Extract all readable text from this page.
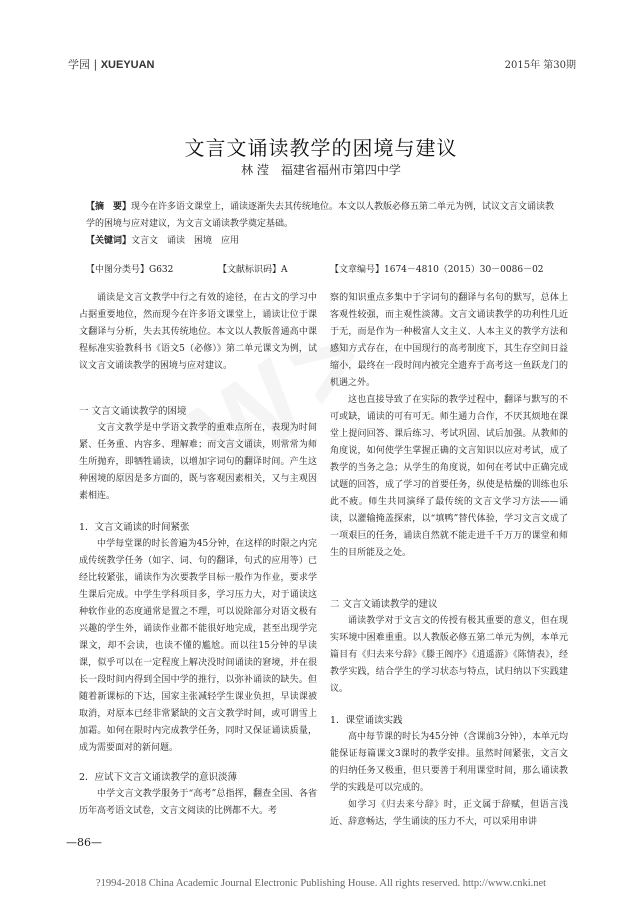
学园 | XUEYUAN	2015年 第30期
文言文诵读教学的困境与建议
林 滢 福建省福州市第四中学
【摘　要】现今在许多语文课堂上，诵读逐渐失去其传统地位。本文以人教版必修五第二单元为例，试议文言文诵读教学的困境与应对建议，为文言文诵读教学奠定基础。
【关键词】文言文　诵读　困境　应用
【中图分类号】G632	【文献标识码】A	【文章编号】1674－4810（2015）30－0086－02

诵读是文言文教学中行之有效的途径，在古文的学习中占据重要地位，然而现今在许多语文课堂上，诵读让位于课文翻译与分析，失去其传统地位。本文以人教版普通高中课程标准实验教科书《语文5（必修）》第二单元课文为例，试议文言文诵读教学的困境与应对建议。

一 文言文诵读教学的困境

文言文教学是中学语文教学的重难点所在，表现为时间紧、任务重、内容多、理解难；而文言文诵读，则常常为师生所抛弃，即牺牲诵读，以增加字词句的翻译时间。产生这种困境的原因是多方面的，既与客观因素相关，又与主观因素相连。

1．文言文诵读的时间紧张

中学每堂课的时长普遍为45分钟，在这样的时限之内完成传统教学任务（如字、词、句的翻译，句式的应用等）已经比较紧张，诵读作为次要教学目标一般作为作业，要求学生课后完成。中学生学科项目多，学习压力大，对于诵读这种软作业的态度通常是置之不理，可以说除部分对语文极有兴趣的学生外，诵读作业都不能很好地完成，甚至出现学完课文，却不会读，也读不懂的尴尬。而以往15分钟的早读课，似乎可以在一定程度上解决没时间诵读的窘境，并在很长一段时间内得到全国中学的推行，以弥补诵读的缺失。但随着新课标的下达，国家主张减轻学生课业负担，早读课被取消，对原本已经非常紧缺的文言文教学时间，或可谓雪上加霜。如何在限时内完成教学任务，同时又保证诵读质量，成为需要面对的新问题。

2．应试下文言文诵读教学的意识淡薄

中学文言文教学服务于“高考”总指挥，翻查全国、各省历年高考语文试卷，文言文阅读的比例都不大。考

察的知识重点多集中于字词句的翻译与名句的默写，总体上客观性较强，而主观性淡薄。文言文诵读教学的功利性几近于无，而是作为一种极富人文主义、人本主义的教学方法和感知方式存在，在中国现行的高考制度下，其生存空间日益缩小，最终在一段时间内被完全遗弃于高考这一鱼跃龙门的机遇之外。

这也直接导致了在实际的教学过程中，翻译与默写的不可或缺，诵读的可有可无。师生通力合作，不厌其烦地在课堂上提问回答、课后练习、考试巩固、试后加强。从教师的角度说，如何使学生掌握正确的文言知识以应对考试，成了教学的当务之急；从学生的角度说，如何在考试中正确完成试题的回答，成了学习的首要任务，纵使是枯燥的训练也乐此不疲。师生共同演绎了最传统的文言文学习方法——诵读，以灌输掩盖探索，以“填鸭”替代体验，学习文言文成了一项艰巨的任务，诵读自然就不能走进千千万万的课堂和师生的目所能及之处。

二 文言文诵读教学的建议

诵读教学对于文言文的传授有极其重要的意义，但在现实环境中困难重重。以人教版必修五第二单元为例，本单元篇目有《归去来兮辞》《滕王阁序》《逍遥游》《陈情表》，经教学实践，结合学生的学习状态与特点，试归纳以下实践建议。

1．课堂诵读实践

高中每节课的时长为45分钟（含课前3分钟），本单元均能保证每篇课文3课时的教学安排。虽然时间紧张，文言文的归纳任务又极重，但只要善于利用课堂时间，那么诵读教学的实践是可以完成的。

如学习《归去来兮辞》时，正文属于辞赋，但语言浅近、辞意畅达，学生诵读的压力不大，可以采用串讲

—86—
?1994-2018 China Academic Journal Electronic Publishing House. All rights reserved. http://www.cnki.net
